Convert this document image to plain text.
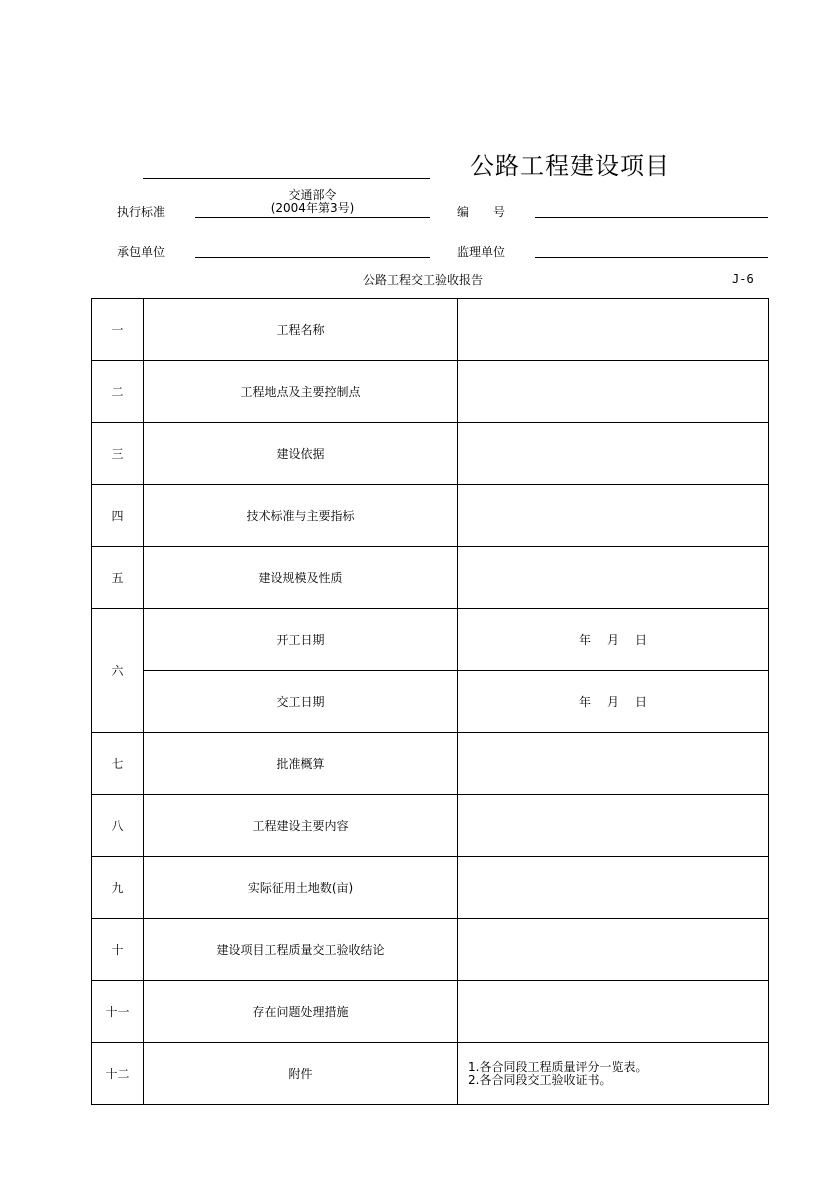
公路工程建设项目
执行标准
交通部令
(2004年第3号)	编　　号
承包单位	监理单位
公路工程交工验收报告	J-6
一	工程名称	
二	工程地点及主要控制点	
三	建设依据	
四	技术标准与主要指标	
五	建设规模及性质	
六	开工日期	年 月 日
	交工日期	年 月 日
七	批准概算	
八	工程建设主要内容	
九	实际征用土地数(亩)	
十	建设项目工程质量交工验收结论	
十一	存在问题处理措施	
十二	附件	1.各合同段工程质量评分一览表。
2.各合同段交工验收证书。
